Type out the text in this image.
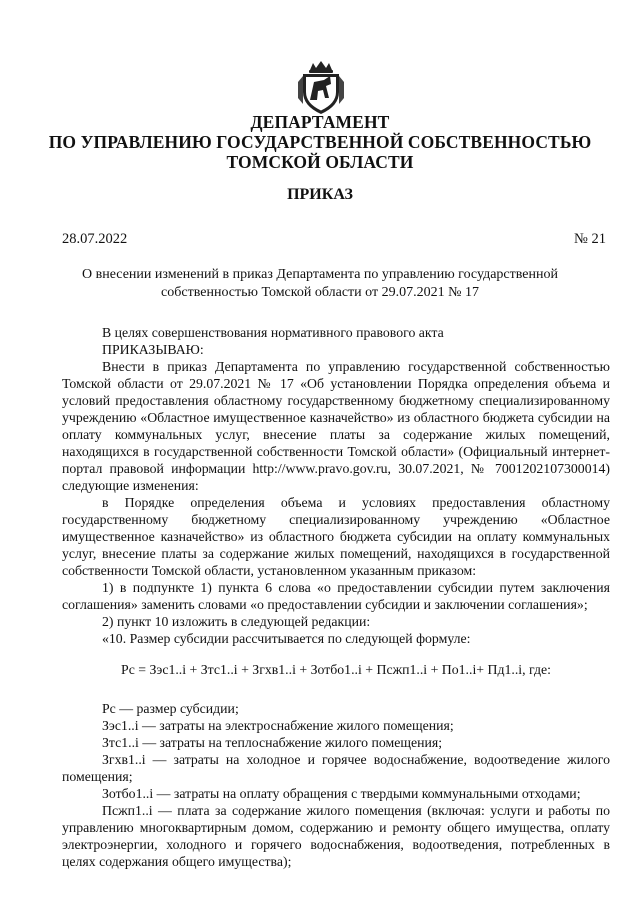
ДЕПАРТАМЕНТ
ПО УПРАВЛЕНИЮ ГОСУДАРСТВЕННОЙ СОБСТВЕННОСТЬЮ
ТОМСКОЙ ОБЛАСТИ
ПРИКАЗ
28.07.2022	№ 21
О внесении изменений в приказ Департамента по управлению государственной собственностью Томской области от 29.07.2021 № 17

В целях совершенствования нормативного правового акта

ПРИКАЗЫВАЮ:

Внести в приказ Департамента по управлению государственной собственностью Томской области от 29.07.2021 № 17 «Об установлении Порядка определения объема и условий предоставления областному государственному бюджетному специализированному учреждению «Областное имущественное казначейство» из областного бюджета субсидии на оплату коммунальных услуг, внесение платы за содержание жилых помещений, находящихся в государственной собственности Томской области» (Официальный интернет-портал правовой информации http://www.pravo.gov.ru, 30.07.2021, № 7001202107300014) следующие изменения:

в Порядке определения объема и условиях предоставления областному государственному бюджетному специализированному учреждению «Областное имущественное казначейство» из областного бюджета субсидии на оплату коммунальных услуг, внесение платы за содержание жилых помещений, находящихся в государственной собственности Томской области, установленном указанным приказом:

1) в подпункте 1) пункта 6 слова «о предоставлении субсидии путем заключения соглашения» заменить словами «о предоставлении субсидии и заключении соглашения»;

2) пункт 10 изложить в следующей редакции:

«10. Размер субсидии рассчитывается по следующей формуле:

Рс = Зэс1..i + Зтс1..i + Згхв1..i + Зотбо1..i + Псжп1..i + По1..i+ Пд1..i, где:

Рс — размер субсидии;

Зэс1..i — затраты на электроснабжение жилого помещения;

Зтс1..i — затраты на теплоснабжение жилого помещения;

Згхв1..i — затраты на холодное и горячее водоснабжение, водоотведение жилого помещения;

Зотбо1..i — затраты на оплату обращения с твердыми коммунальными отходами;

Псжп1..i — плата за содержание жилого помещения (включая: услуги и работы по управлению многоквартирным домом, содержанию и ремонту общего имущества, оплату электроэнергии, холодного и горячего водоснабжения, водоотведения, потребленных в целях содержания общего имущества);
